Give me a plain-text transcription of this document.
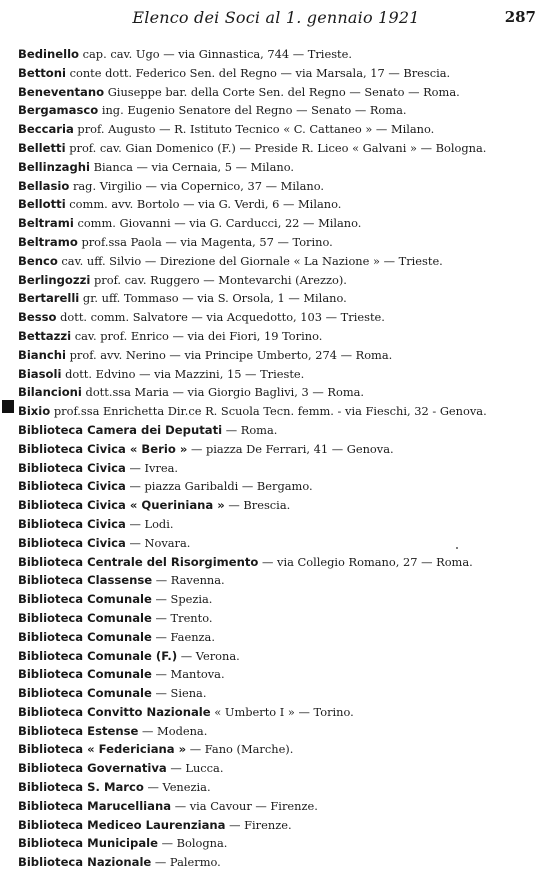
Elenco dei Soci al 1. gennaio 1921	287
Bedinello cap. cav. Ugo — via Ginnastica, 744 — Trieste.
Bettoni conte dott. Federico Sen. del Regno — via Marsala, 17 — Brescia.
Beneventano Giuseppe bar. della Corte Sen. del Regno — Senato — Roma.
Bergamasco ing. Eugenio Senatore del Regno — Senato — Roma.
Beccaria prof. Augusto — R. Istituto Tecnico « C. Cattaneo » — Milano.
Belletti prof. cav. Gian Domenico (F.) — Preside R. Liceo « Galvani » — Bologna.
Bellinzaghi Bianca — via Cernaia, 5 — Milano.
Bellasio rag. Virgilio — via Copernico, 37 — Milano.
Bellotti comm. avv. Bortolo — via G. Verdi, 6 — Milano.
Beltrami comm. Giovanni — via G. Carducci, 22 — Milano.
Beltramo prof.ssa Paola — via Magenta, 57 — Torino.
Benco cav. uff. Silvio — Direzione del Giornale « La Nazione » — Trieste.
Berlingozzi prof. cav. Ruggero — Montevarchi (Arezzo).
Bertarelli gr. uff. Tommaso — via S. Orsola, 1 — Milano.
Besso dott. comm. Salvatore — via Acquedotto, 103 — Trieste.
Bettazzi cav. prof. Enrico — via dei Fiori, 19 Torino.
Bianchi prof. avv. Nerino — via Principe Umberto, 274 — Roma.
Biasoli dott. Edvino — via Mazzini, 15 — Trieste.
Bilancioni dott.ssa Maria — via Giorgio Baglivi, 3 — Roma.
Bixio prof.ssa Enrichetta Dir.ce R. Scuola Tecn. femm. - via Fieschi, 32 - Genova.
Biblioteca Camera dei Deputati — Roma.
Biblioteca Civica « Berio » — piazza De Ferrari, 41 — Genova.
Biblioteca Civica — Ivrea.
Biblioteca Civica — piazza Garibaldi — Bergamo.
Biblioteca Civica « Queriniana » — Brescia.
Biblioteca Civica — Lodi.
Biblioteca Civica — Novara.
Biblioteca Centrale del Risorgimento — via Collegio Romano, 27 — Roma.
Biblioteca Classense — Ravenna.
Biblioteca Comunale — Spezia.
Biblioteca Comunale — Trento.
Biblioteca Comunale — Faenza.
Biblioteca Comunale (F.) — Verona.
Biblioteca Comunale — Mantova.
Biblioteca Comunale — Siena.
Biblioteca Convitto Nazionale « Umberto I » — Torino.
Biblioteca Estense — Modena.
Biblioteca « Federiciana » — Fano (Marche).
Biblioteca Governativa — Lucca.
Biblioteca S. Marco — Venezia.
Biblioteca Marucelliana — via Cavour — Firenze.
Biblioteca Mediceo Laurenziana — Firenze.
Biblioteca Municipale — Bologna.
Biblioteca Nazionale — Palermo.
